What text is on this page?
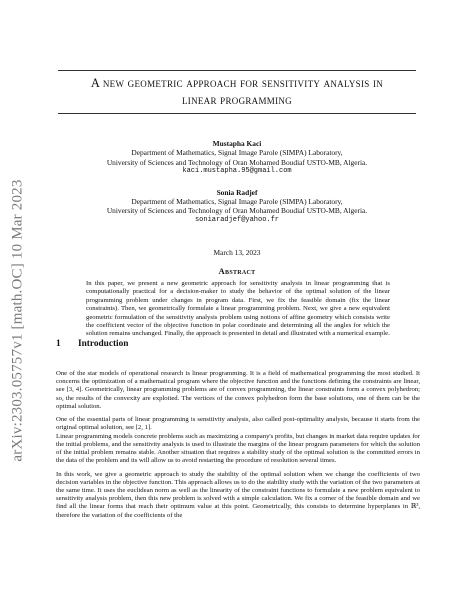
arXiv:2303.05757v1 [math.OC] 10 Mar 2023
A new geometric approach for sensitivity analysis in
linear programming
Mustapha Kaci
Department of Mathematics, Signal Image Parole (SIMPA) Laboratory,
University of Sciences and Technology of Oran Mohamed Boudiaf USTO-MB, Algeria.
kaci.mustapha.95@gmail.com
Sonia Radjef
Department of Mathematics, Signal Image Parole (SIMPA) Laboratory,
University of Sciences and Technology of Oran Mohamed Boudiaf USTO-MB, Algeria.
soniaradjef@yahoo.fr
March 13, 2023
Abstract
In this paper, we present a new geometric approach for sensitivity analysis in linear programming that is computationally practical for a decision-maker to study the behavior of the optimal solution of the linear programming problem under changes in program data. First, we fix the feasible domain (fix the linear constraints). Then, we geometrically formulate a linear programming problem. Next, we give a new equivalent geometric formulation of the sensitivity analysis problem using notions of affine geometry which consists write the coefficient vector of the objective function in polar coordinate and determining all the angles for which the solution remains unchanged. Finally, the approach is presented in detail and illustrated with a numerical example.
1 Introduction

One of the star models of operational research is linear programming. It is a field of mathematical programming the most studied. It concerns the optimization of a mathematical program where the objective function and the functions defining the constraints are linear, see [3, 4]. Geometrically, linear programming problems are of convex programming, the linear constraints form a convex polyhedron; so, the results of the convexity are exploited. The vertices of the convex polyhedron form the base solutions, one of them can be the optimal solution.

One of the essential parts of linear programming is sensitivity analysis, also called post-optimality analysis, because it starts from the original optimal solution, see [2, 1].

Linear programming models concrete problems such as maximizing a company's profits, but changes in market data require updates for the initial problems, and the sensitivity analysis is used to illustrate the margins of the linear program parameters for which the solution of the initial problem remains stable. Another situation that requires a stability study of the optimal solution is the committed errors in the data of the problem and its will allow us to avoid restarting the procedure of resolution several times.

In this work, we give a geometric approach to study the stability of the optimal solution when we change the coefficients of two decision variables in the objective function. This approach allows us to do the stability study with the variation of the two parameters at the same time. It uses the euclidean norm as well as the linearity of the constraint functions to formulate a new problem equivalent to sensitivity analysis problem, then this new problem is solved with a simple calculation. We fix a corner of the feasible domain and we find all the linear forms that reach their optimum value at this point. Geometrically, this consists to determine hyperplanes in ℝ³, therefore the variation of the coefficients of the
